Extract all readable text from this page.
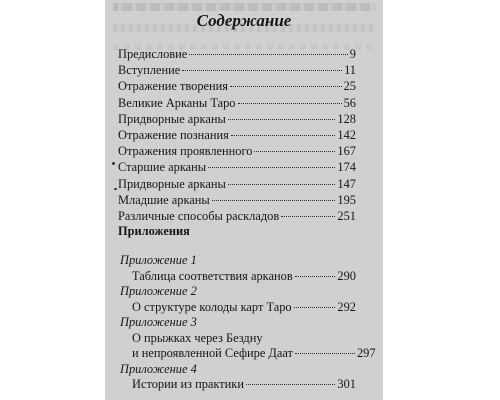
Содержание
Предисловие	9
Вступление	11
Отражение творения	25
Великие Арканы Таро	56
Придворные арканы	128
Отражение познания	142
Отражения проявленного	167
Старшие арканы	174
Придворные арканы	147
Младшие арканы	195
Различные способы раскладов	251
Приложения
Приложение 1
Таблица соответствия арканов	290
Приложение 2
О структуре колоды карт Таро	292
Приложение 3
О прыжках через Бездну
и непроявленной Сефире Даат	297
Приложение 4
Истории из практики	301
